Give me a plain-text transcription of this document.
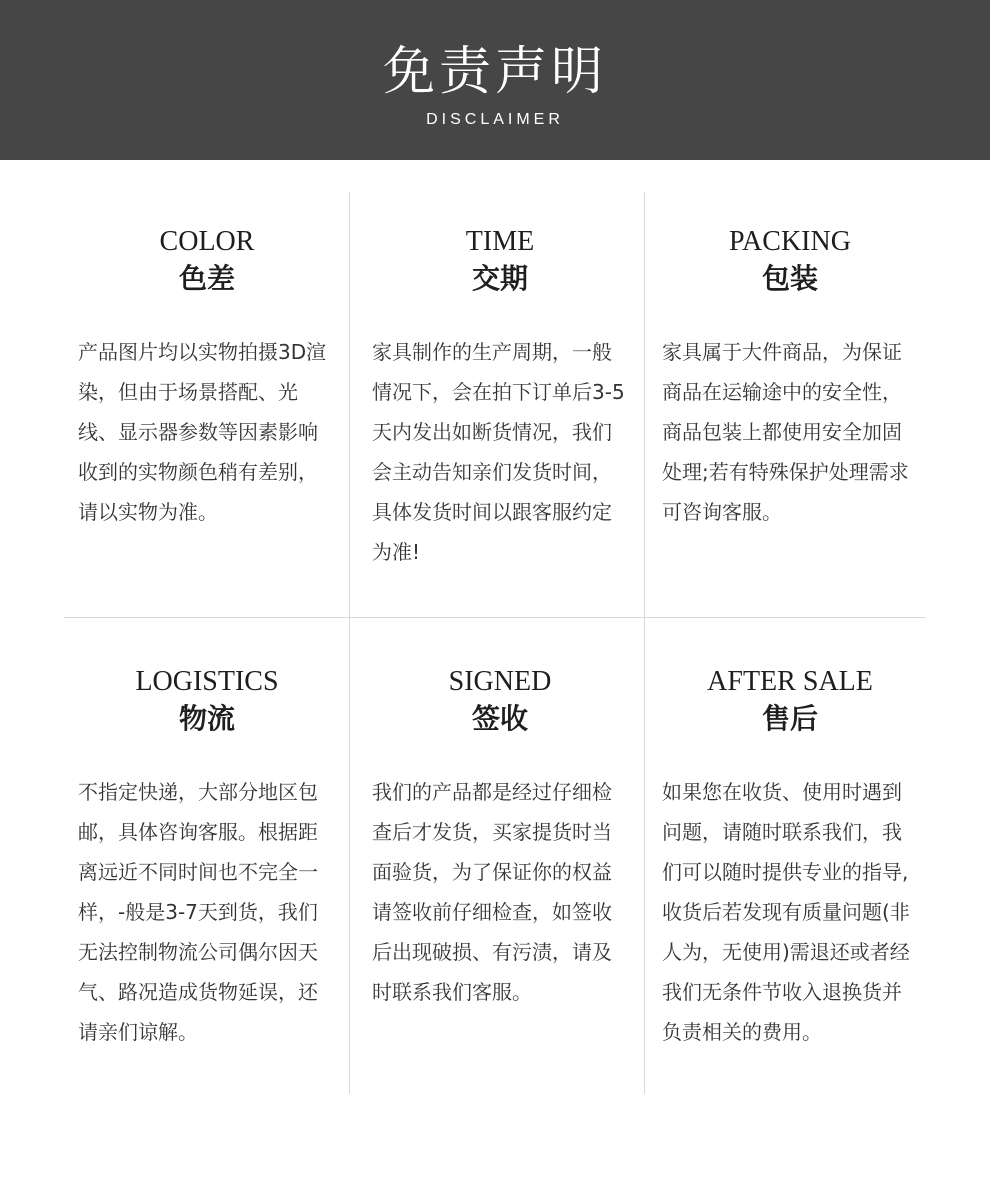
免责声明
DISCLAIMER
COLOR
色差
产品图片均以实物拍摄3D渲染，但由于场景搭配、光线、显示器参数等因素影响收到的实物颜色稍有差别，请以实物为准。
TIME
交期
家具制作的生产周期，一般情况下，会在拍下订单后3-5天内发出如断货情况，我们会主动告知亲们发货时间，具体发货时间以跟客服约定为准!
PACKING
包装
家具属于大件商品，为保证商品在运输途中的安全性，商品包装上都使用安全加固处理;若有特殊保护处理需求可咨询客服。
LOGISTICS
物流
不指定快递，大部分地区包邮，具体咨询客服。根据距离远近不同时间也不完全一样，-般是3-7天到货，我们无法控制物流公司偶尔因天气、路况造成货物延误，还请亲们谅解。
SIGNED
签收
我们的产品都是经过仔细检查后才发货，买家提货时当面验货，为了保证你的权益请签收前仔细检查，如签收后出现破损、有污渍，请及时联系我们客服。
AFTER SALE
售后
如果您在收货、使用时遇到问题，请随时联系我们，我们可以随时提供专业的指导,收货后若发现有质量问题(非人为，无使用)需退还或者经我们无条件节收入退换货并负责相关的费用。
